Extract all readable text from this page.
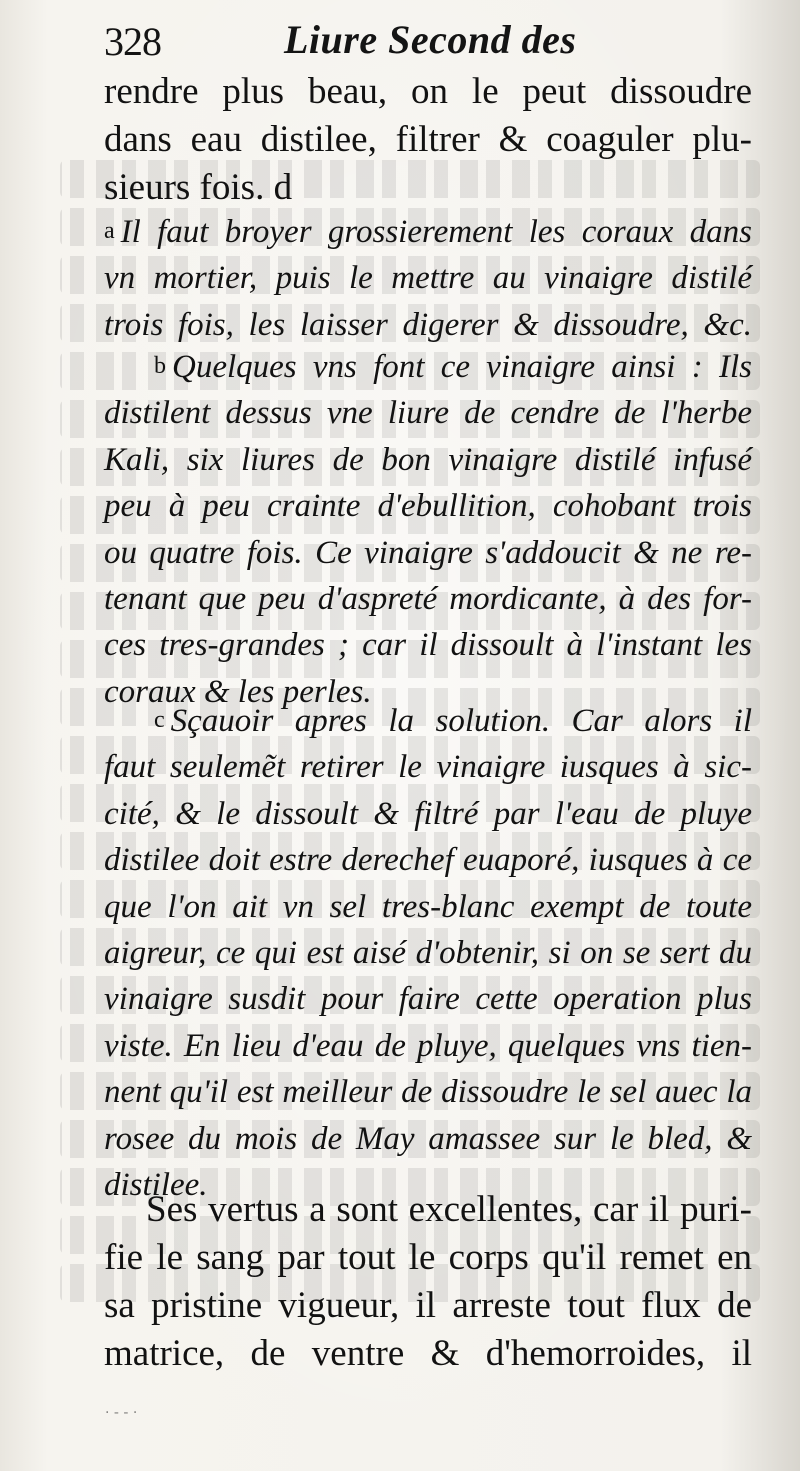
328	Liure Second des
rendre plus beau, on le peut dissoudre
dans eau distilee, filtrer & coaguler plu-
sieurs fois. d
a Il faut broyer grossierement les coraux dans
vn mortier, puis le mettre au vinaigre distilé
trois fois, les laisser digerer & dissoudre, &c.
b Quelques vns font ce vinaigre ainsi : Ils
distilent dessus vne liure de cendre de l'herbe
Kali, six liures de bon vinaigre distilé infusé
peu à peu crainte d'ebullition, cohobant trois
ou quatre fois. Ce vinaigre s'addoucit & ne re-
tenant que peu d'aspreté mordicante, à des for-
ces tres-grandes ; car il dissoult à l'instant les
coraux & les perles.
c Sçauoir apres la solution. Car alors il
faut seulemẽt retirer le vinaigre iusques à sic-
cité, & le dissoult & filtré par l'eau de pluye
distilee doit estre derechef euaporé, iusques à ce
que l'on ait vn sel tres-blanc exempt de toute
aigreur, ce qui est aisé d'obtenir, si on se sert du
vinaigre susdit pour faire cette operation plus
viste. En lieu d'eau de pluye, quelques vns tien-
nent qu'il est meilleur de dissoudre le sel auec la
rosee du mois de May amassee sur le bled, &
distilee.
Ses vertus a sont excellentes, car il puri-
fie le sang par tout le corps qu'il remet en
sa pristine vigueur, il arreste tout flux de
matrice, de ventre & d'hemorroides, il
· - - ·
